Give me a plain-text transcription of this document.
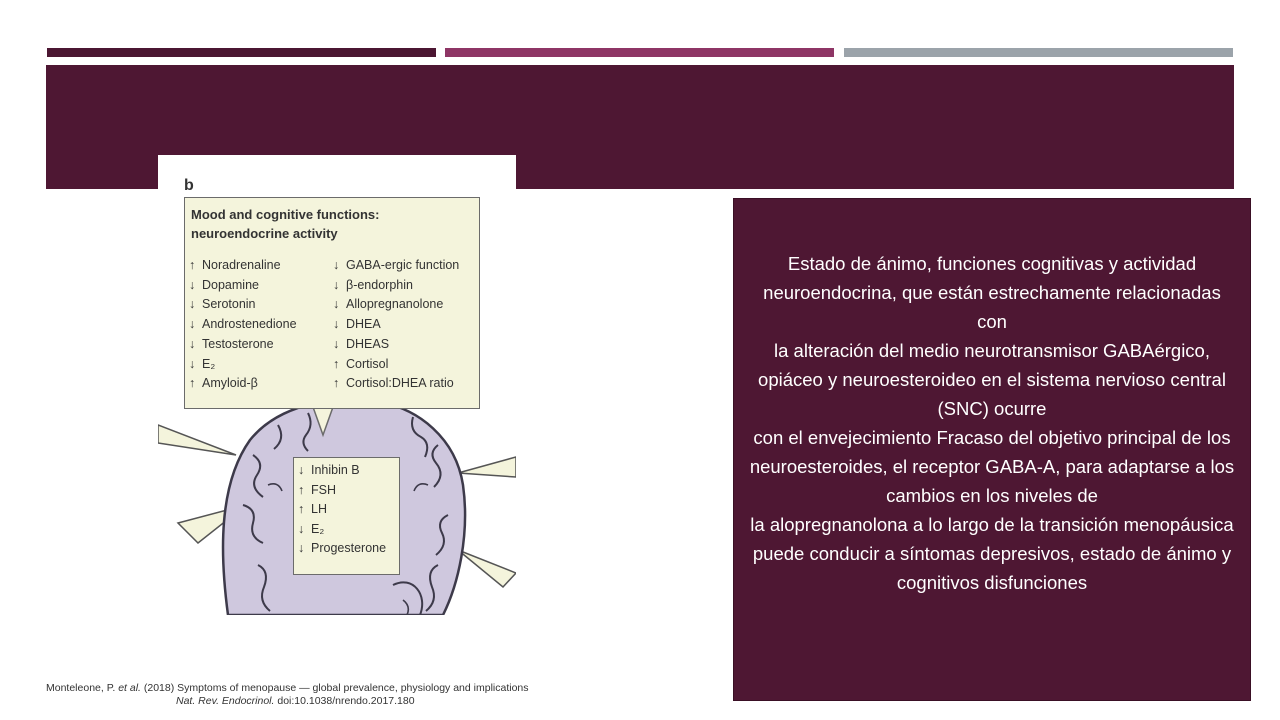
b
Mood and cognitive functions:
neuroendocrine activity
↑ Noradrenaline
↓ Dopamine
↓ Serotonin
↓ Androstenedione
↓ Testosterone
↓ E₂
↑ Amyloid-β
↓ GABA-ergic function
↓ β-endorphin
↓ Allopregnanolone
↓ DHEA
↓ DHEAS
↑ Cortisol
↑ Cortisol:DHEA ratio
↓ Inhibin B
↑ FSH
↑ LH
↓ E₂
↓ Progesterone

Estado de ánimo, funciones cognitivas y actividad neuroendocrina, que están estrechamente relacionadas con
la alteración del medio neurotransmisor GABAérgico, opiáceo y neuroesteroideo en el sistema nervioso central (SNC) ocurre
con el envejecimiento Fracaso del objetivo principal de los neuroesteroides, el receptor GABA-A, para adaptarse a los cambios en los niveles de
la alopregnanolona a lo largo de la transición menopáusica puede conducir a síntomas depresivos, estado de ánimo y cognitivos disfunciones

Monteleone, P. et al. (2018) Symptoms of menopause — global prevalence, physiology and implications
Nat. Rev. Endocrinol. doi:10.1038/nrendo.2017.180
